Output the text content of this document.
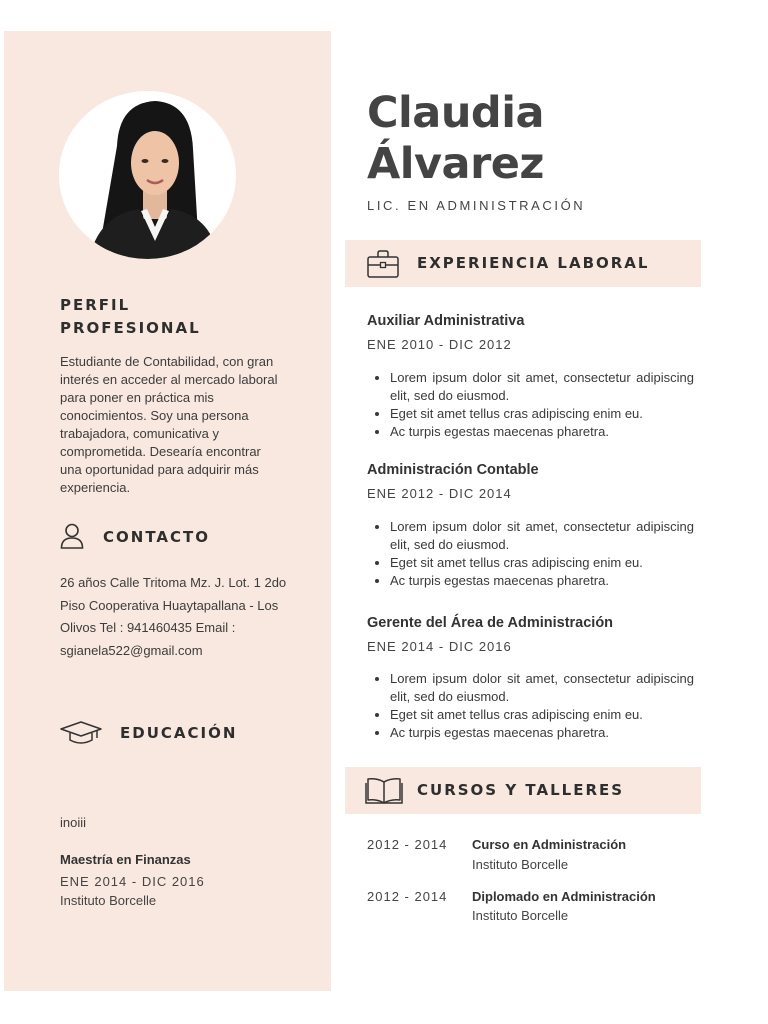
PERFIL
PROFESIONAL
Estudiante de Contabilidad, con gran interés en acceder al mercado laboral para poner en práctica mis conocimientos. Soy una persona trabajadora, comunicativa y comprometida. Desearía encontrar una oportunidad para adquirir más experiencia.
CONTACTO
26 años Calle Tritoma Mz. J. Lot. 1 2do Piso Cooperativa Huaytapallana - Los Olivos Tel : 941460435 Email : sgianela522@gmail.com
EDUCACIÓN
inoiii
Maestría en Finanzas
ENE 2014 - DIC 2016
Instituto Borcelle
Claudia
Álvarez
LIC. EN ADMINISTRACIÓN
EXPERIENCIA LABORAL
Auxiliar Administrativa
ENE 2010 - DIC 2012
• Lorem ipsum dolor sit amet, consectetur adipiscing elit, sed do eiusmod.
• Eget sit amet tellus cras adipiscing enim eu.
• Ac turpis egestas maecenas pharetra.
Administración Contable
ENE 2012 - DIC 2014
• Lorem ipsum dolor sit amet, consectetur adipiscing elit, sed do eiusmod.
• Eget sit amet tellus cras adipiscing enim eu.
• Ac turpis egestas maecenas pharetra.
Gerente del Área de Administración
ENE 2014 - DIC 2016
• Lorem ipsum dolor sit amet, consectetur adipiscing elit, sed do eiusmod.
• Eget sit amet tellus cras adipiscing enim eu.
• Ac turpis egestas maecenas pharetra.
CURSOS Y TALLERES
2012 - 2014 Curso en Administración
Instituto Borcelle
2012 - 2014 Diplomado en Administración
Instituto Borcelle
